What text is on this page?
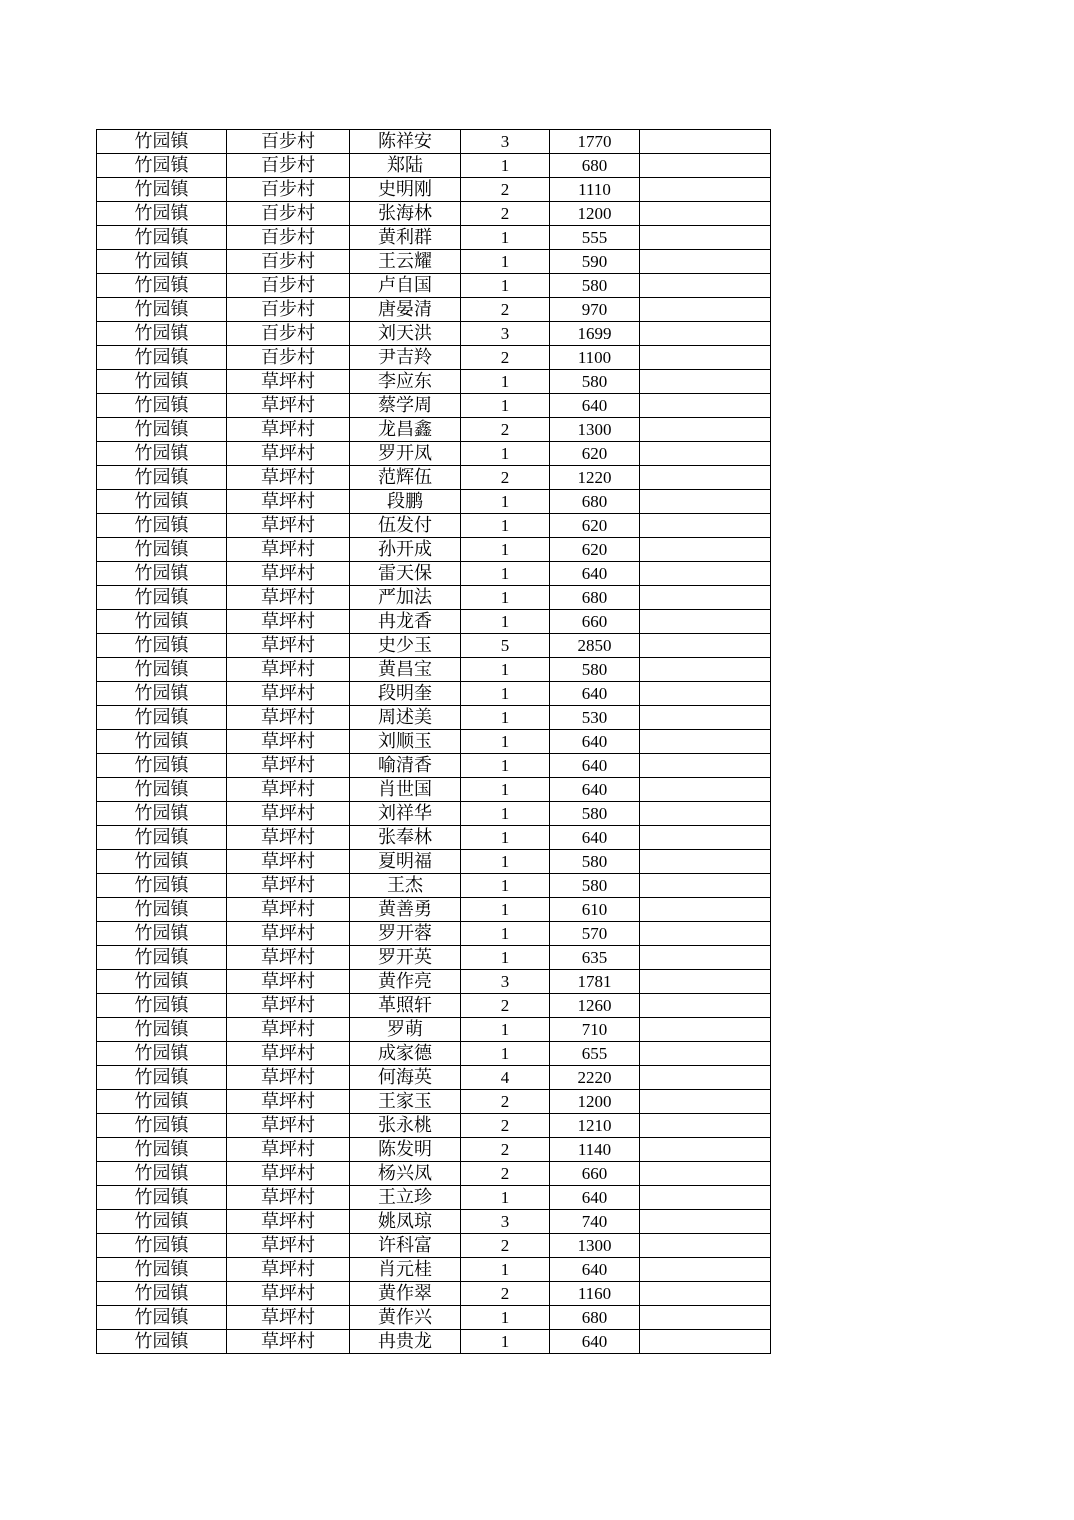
竹园镇	百步村	陈祥安	3	1770	
竹园镇	百步村	郑陆	1	680	
竹园镇	百步村	史明刚	2	1110	
竹园镇	百步村	张海林	2	1200	
竹园镇	百步村	黄利群	1	555	
竹园镇	百步村	王云耀	1	590	
竹园镇	百步村	卢自国	1	580	
竹园镇	百步村	唐晏清	2	970	
竹园镇	百步村	刘天洪	3	1699	
竹园镇	百步村	尹吉羚	2	1100	
竹园镇	草坪村	李应东	1	580	
竹园镇	草坪村	蔡学周	1	640	
竹园镇	草坪村	龙昌鑫	2	1300	
竹园镇	草坪村	罗开凤	1	620	
竹园镇	草坪村	范辉伍	2	1220	
竹园镇	草坪村	段鹏	1	680	
竹园镇	草坪村	伍发付	1	620	
竹园镇	草坪村	孙开成	1	620	
竹园镇	草坪村	雷天保	1	640	
竹园镇	草坪村	严加法	1	680	
竹园镇	草坪村	冉龙香	1	660	
竹园镇	草坪村	史少玉	5	2850	
竹园镇	草坪村	黄昌宝	1	580	
竹园镇	草坪村	段明奎	1	640	
竹园镇	草坪村	周述美	1	530	
竹园镇	草坪村	刘顺玉	1	640	
竹园镇	草坪村	喻清香	1	640	
竹园镇	草坪村	肖世国	1	640	
竹园镇	草坪村	刘祥华	1	580	
竹园镇	草坪村	张奉林	1	640	
竹园镇	草坪村	夏明福	1	580	
竹园镇	草坪村	王杰	1	580	
竹园镇	草坪村	黄善勇	1	610	
竹园镇	草坪村	罗开蓉	1	570	
竹园镇	草坪村	罗开英	1	635	
竹园镇	草坪村	黄作亮	3	1781	
竹园镇	草坪村	革照轩	2	1260	
竹园镇	草坪村	罗萌	1	710	
竹园镇	草坪村	成家德	1	655	
竹园镇	草坪村	何海英	4	2220	
竹园镇	草坪村	王家玉	2	1200	
竹园镇	草坪村	张永桃	2	1210	
竹园镇	草坪村	陈发明	2	1140	
竹园镇	草坪村	杨兴凤	2	660	
竹园镇	草坪村	王立珍	1	640	
竹园镇	草坪村	姚凤琼	3	740	
竹园镇	草坪村	许科富	2	1300	
竹园镇	草坪村	肖元桂	1	640	
竹园镇	草坪村	黄作翠	2	1160	
竹园镇	草坪村	黄作兴	1	680	
竹园镇	草坪村	冉贵龙	1	640	
